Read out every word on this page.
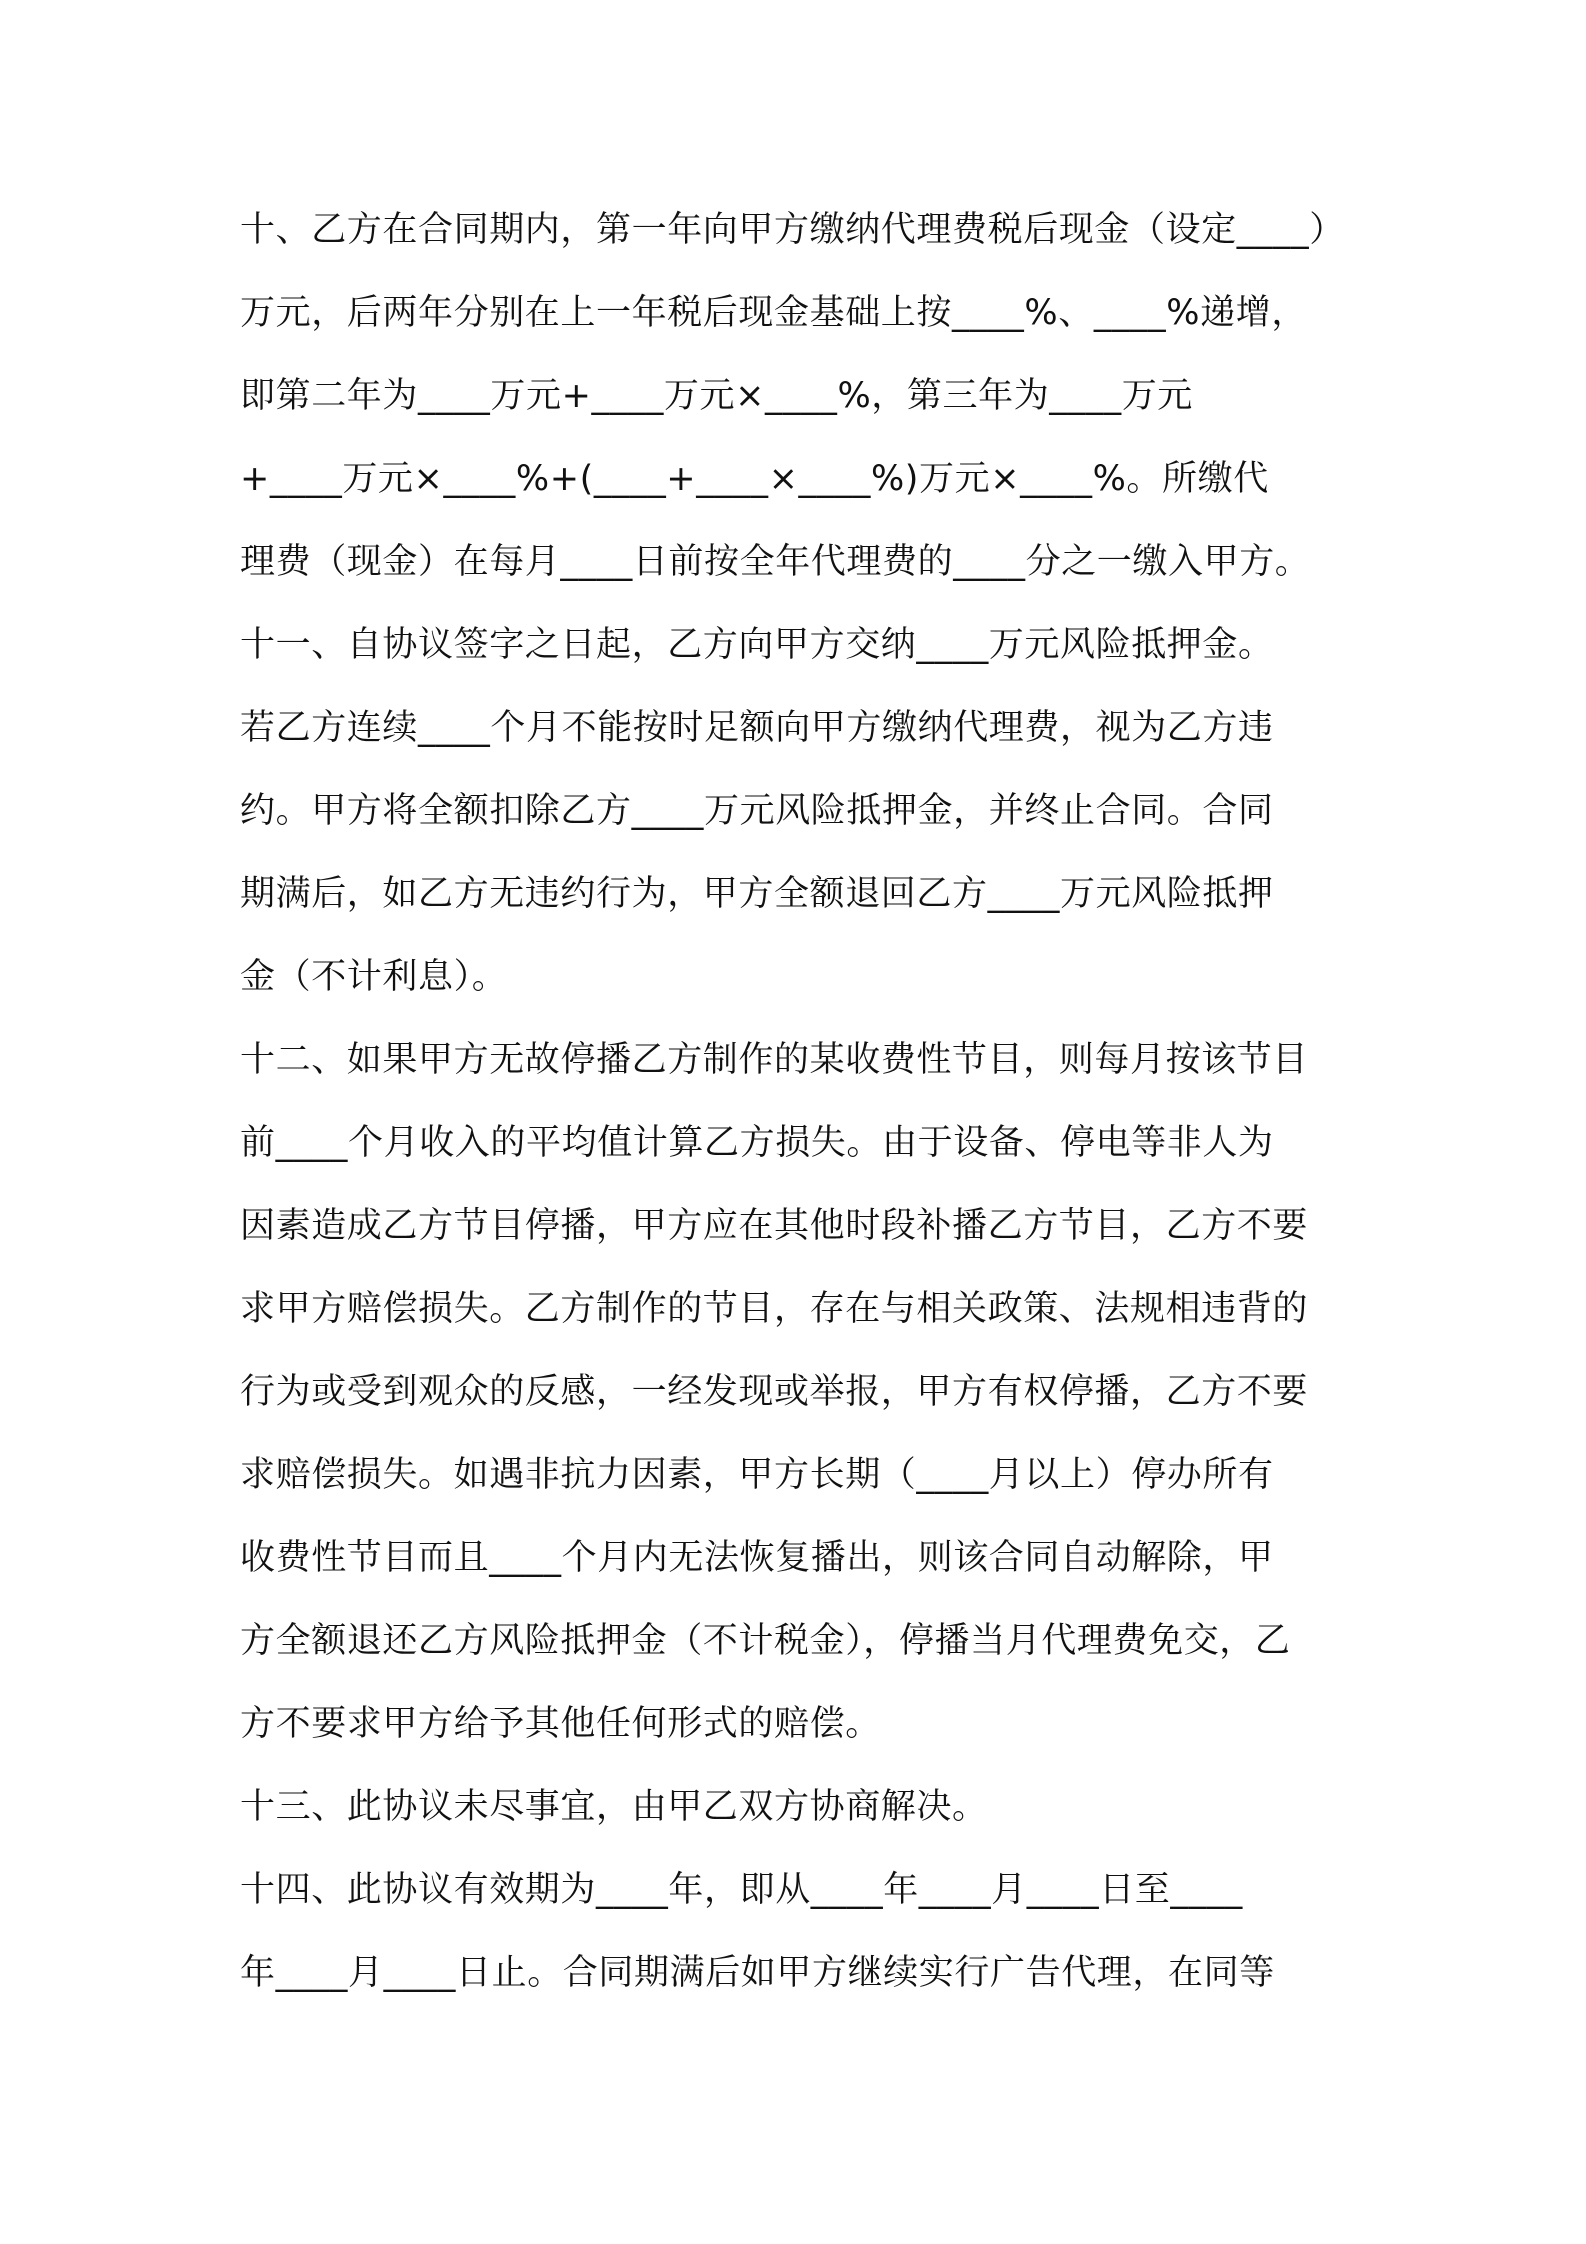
十、乙方在合同期内，第一年向甲方缴纳代理费税后现金（设定____）
万元，后两年分别在上一年税后现金基础上按____%、____%递增，
即第二年为____万元+____万元×____%，第三年为____万元
+____万元×____%+(____+____×____%)万元×____%。所缴代
理费（现金）在每月____日前按全年代理费的____分之一缴入甲方。
十一、自协议签字之日起，乙方向甲方交纳____万元风险抵押金。
若乙方连续____个月不能按时足额向甲方缴纳代理费，视为乙方违
约。甲方将全额扣除乙方____万元风险抵押金，并终止合同。合同
期满后，如乙方无违约行为，甲方全额退回乙方____万元风险抵押
金（不计利息）。
十二、如果甲方无故停播乙方制作的某收费性节目，则每月按该节目
前____个月收入的平均值计算乙方损失。由于设备、停电等非人为
因素造成乙方节目停播，甲方应在其他时段补播乙方节目，乙方不要
求甲方赔偿损失。乙方制作的节目，存在与相关政策、法规相违背的
行为或受到观众的反感，一经发现或举报，甲方有权停播，乙方不要
求赔偿损失。如遇非抗力因素，甲方长期（____月以上）停办所有
收费性节目而且____个月内无法恢复播出，则该合同自动解除，甲
方全额退还乙方风险抵押金（不计税金），停播当月代理费免交，乙
方不要求甲方给予其他任何形式的赔偿。
十三、此协议未尽事宜，由甲乙双方协商解决。
十四、此协议有效期为____年，即从____年____月____日至____
年____月____日止。合同期满后如甲方继续实行广告代理，在同等
